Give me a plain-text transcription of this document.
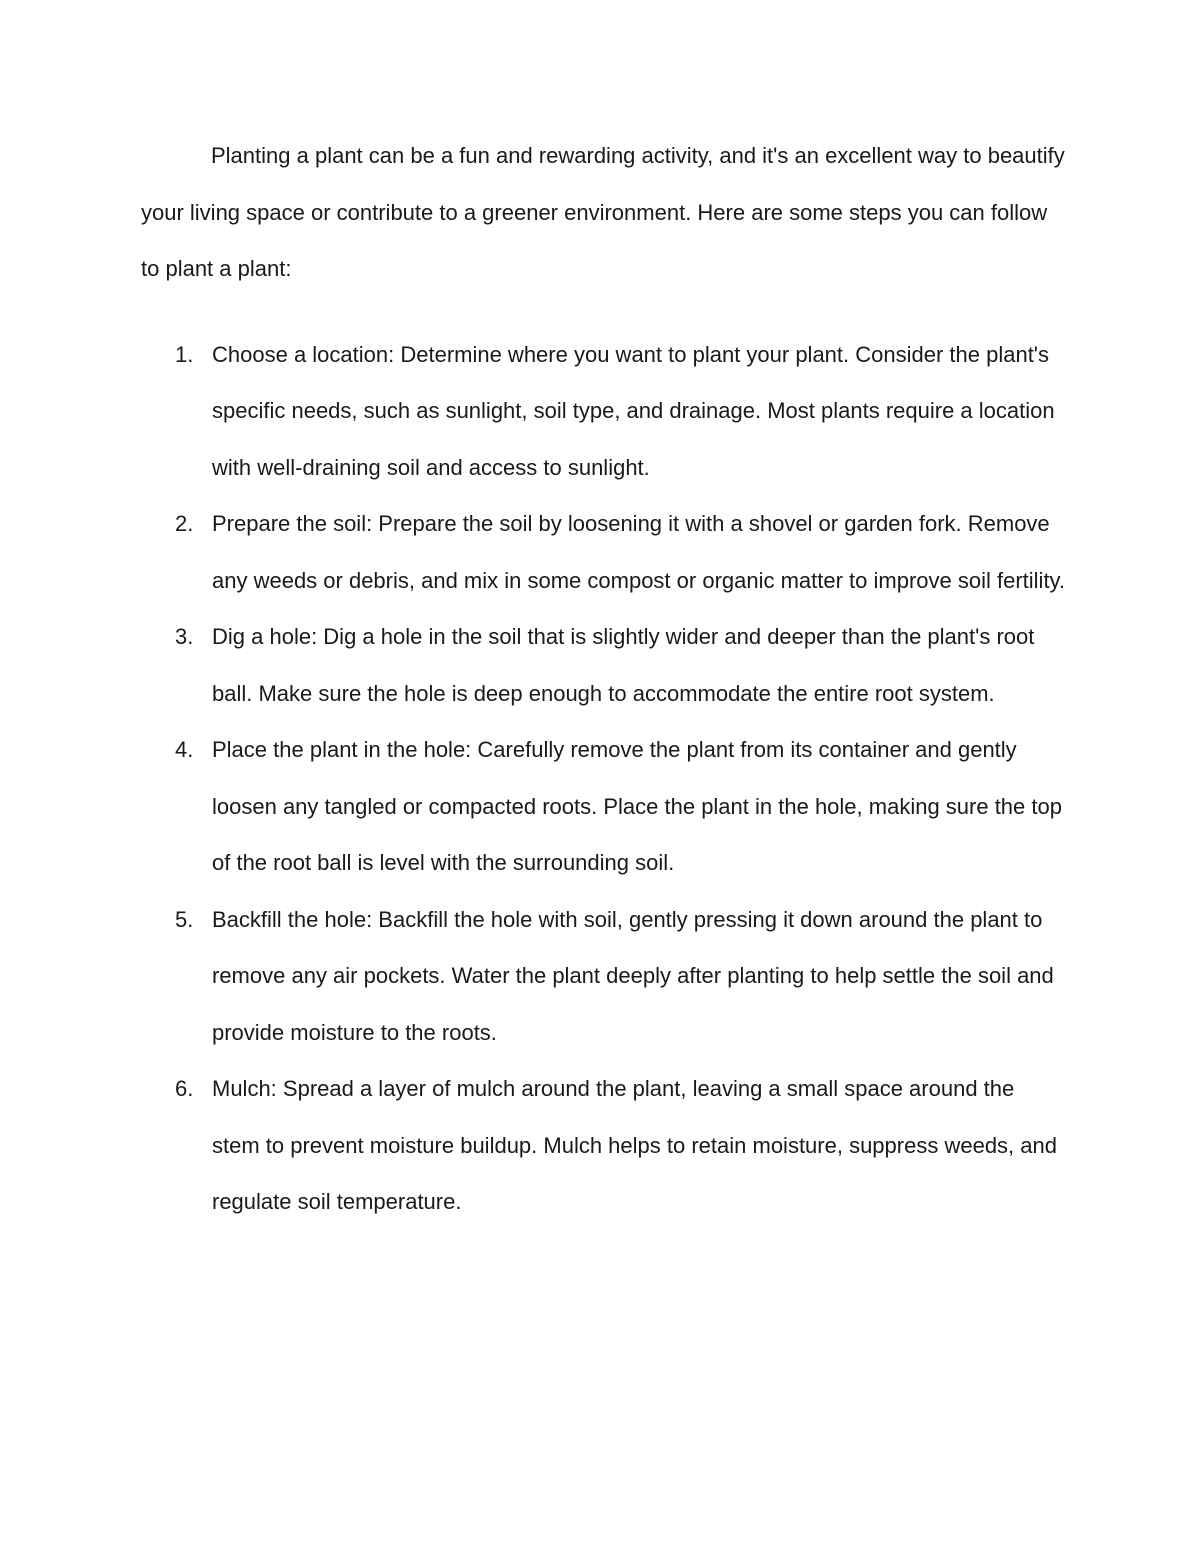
Planting a plant can be a fun and rewarding activity, and it's an excellent way to beautify your living space or contribute to a greener environment. Here are some steps you can follow to plant a plant:

1. Choose a location: Determine where you want to plant your plant. Consider the plant's specific needs, such as sunlight, soil type, and drainage. Most plants require a location with well-draining soil and access to sunlight.
2. Prepare the soil: Prepare the soil by loosening it with a shovel or garden fork. Remove any weeds or debris, and mix in some compost or organic matter to improve soil fertility.
3. Dig a hole: Dig a hole in the soil that is slightly wider and deeper than the plant's root ball. Make sure the hole is deep enough to accommodate the entire root system.
4. Place the plant in the hole: Carefully remove the plant from its container and gently loosen any tangled or compacted roots. Place the plant in the hole, making sure the top of the root ball is level with the surrounding soil.
5. Backfill the hole: Backfill the hole with soil, gently pressing it down around the plant to remove any air pockets. Water the plant deeply after planting to help settle the soil and provide moisture to the roots.
6. Mulch: Spread a layer of mulch around the plant, leaving a small space around the stem to prevent moisture buildup. Mulch helps to retain moisture, suppress weeds, and regulate soil temperature.
